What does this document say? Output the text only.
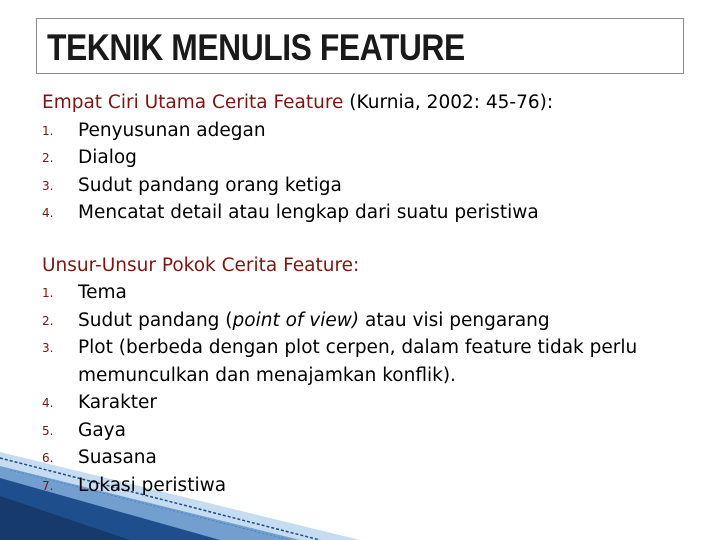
TEKNIK MENULIS FEATURE
Empat Ciri Utama Cerita Feature (Kurnia, 2002: 45-76):
1. Penyusunan adegan
2. Dialog
3. Sudut pandang orang ketiga
4. Mencatat detail atau lengkap dari suatu peristiwa
Unsur-Unsur Pokok Cerita Feature:
1. Tema
2. Sudut pandang (point of view) atau visi pengarang
3. Plot (berbeda dengan plot cerpen, dalam feature tidak perlu memunculkan dan menajamkan konflik).
4. Karakter
5. Gaya
6. Suasana
7. Lokasi peristiwa
